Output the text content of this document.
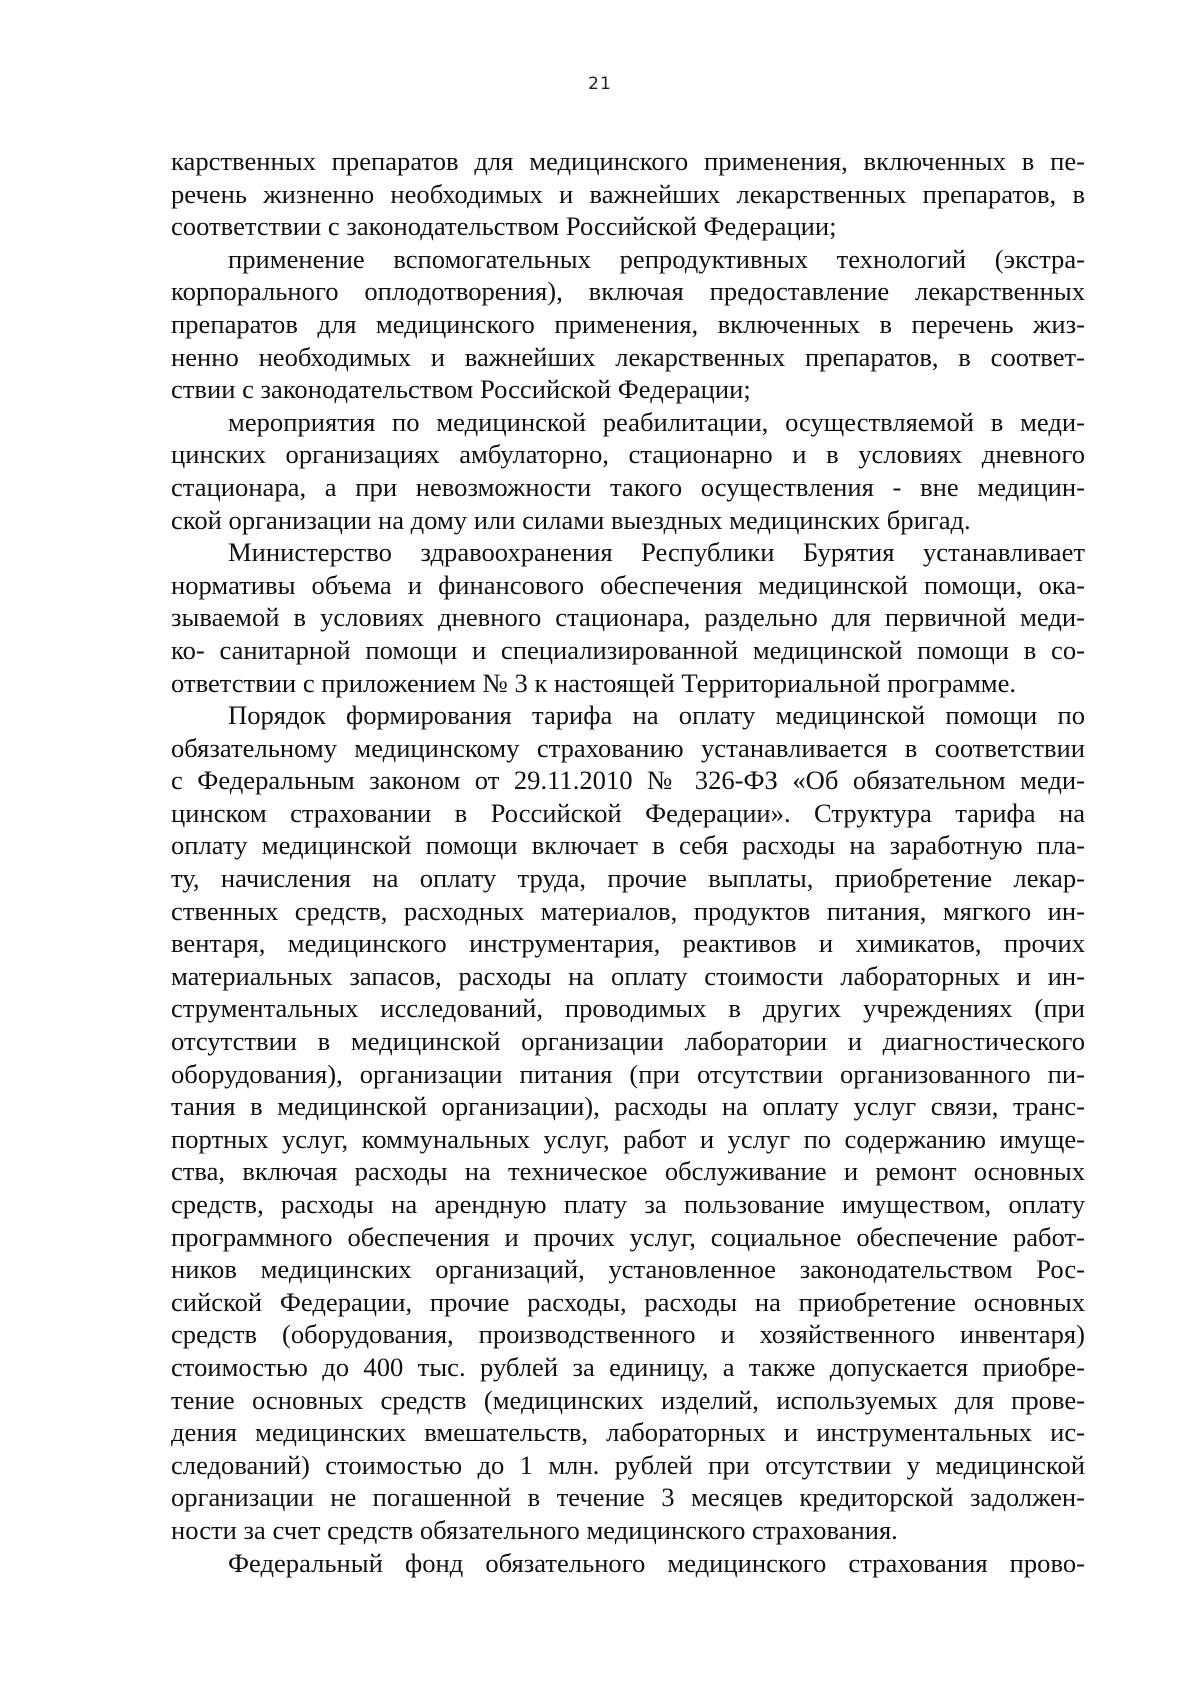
21

карственных препаратов для медицинского применения, включенных в пе-

речень жизненно необходимых и важнейших лекарственных препаратов, в

соответствии с законодательством Российской Федерации;

применение вспомогательных репродуктивных технологий (экстра-

корпорального оплодотворения), включая предоставление лекарственных

препаратов для медицинского применения, включенных в перечень жиз-

ненно необходимых и важнейших лекарственных препаратов, в соответ-

ствии с законодательством Российской Федерации;

мероприятия по медицинской реабилитации, осуществляемой в меди-

цинских организациях амбулаторно, стационарно и в условиях дневного

стационара, а при невозможности такого осуществления - вне медицин-

ской организации на дому или силами выездных медицинских бригад.

Министерство здравоохранения Республики Бурятия устанавливает

нормативы объема и финансового обеспечения медицинской помощи, ока-

зываемой в условиях дневного стационара, раздельно для первичной меди-

ко- санитарной помощи и специализированной медицинской помощи в со-

ответствии с приложением № 3 к настоящей Территориальной программе.

Порядок формирования тарифа на оплату медицинской помощи по

обязательному медицинскому страхованию устанавливается в соответствии

с Федеральным законом от 29.11.2010 № 326-ФЗ «Об обязательном меди-

цинском страховании в Российской Федерации». Структура тарифа на

оплату медицинской помощи включает в себя расходы на заработную пла-

ту, начисления на оплату труда, прочие выплаты, приобретение лекар-

ственных средств, расходных материалов, продуктов питания, мягкого ин-

вентаря, медицинского инструментария, реактивов и химикатов, прочих

материальных запасов, расходы на оплату стоимости лабораторных и ин-

струментальных исследований, проводимых в других учреждениях (при

отсутствии в медицинской организации лаборатории и диагностического

оборудования), организации питания (при отсутствии организованного пи-

тания в медицинской организации), расходы на оплату услуг связи, транс-

портных услуг, коммунальных услуг, работ и услуг по содержанию имуще-

ства, включая расходы на техническое обслуживание и ремонт основных

средств, расходы на арендную плату за пользование имуществом, оплату

программного обеспечения и прочих услуг, социальное обеспечение работ-

ников медицинских организаций, установленное законодательством Рос-

сийской Федерации, прочие расходы, расходы на приобретение основных

средств (оборудования, производственного и хозяйственного инвентаря)

стоимостью до 400 тыс. рублей за единицу, а также допускается приобре-

тение основных средств (медицинских изделий, используемых для прове-

дения медицинских вмешательств, лабораторных и инструментальных ис-

следований) стоимостью до 1 млн. рублей при отсутствии у медицинской

организации не погашенной в течение 3 месяцев кредиторской задолжен-

ности за счет средств обязательного медицинского страхования.

Федеральный фонд обязательного медицинского страхования прово-
